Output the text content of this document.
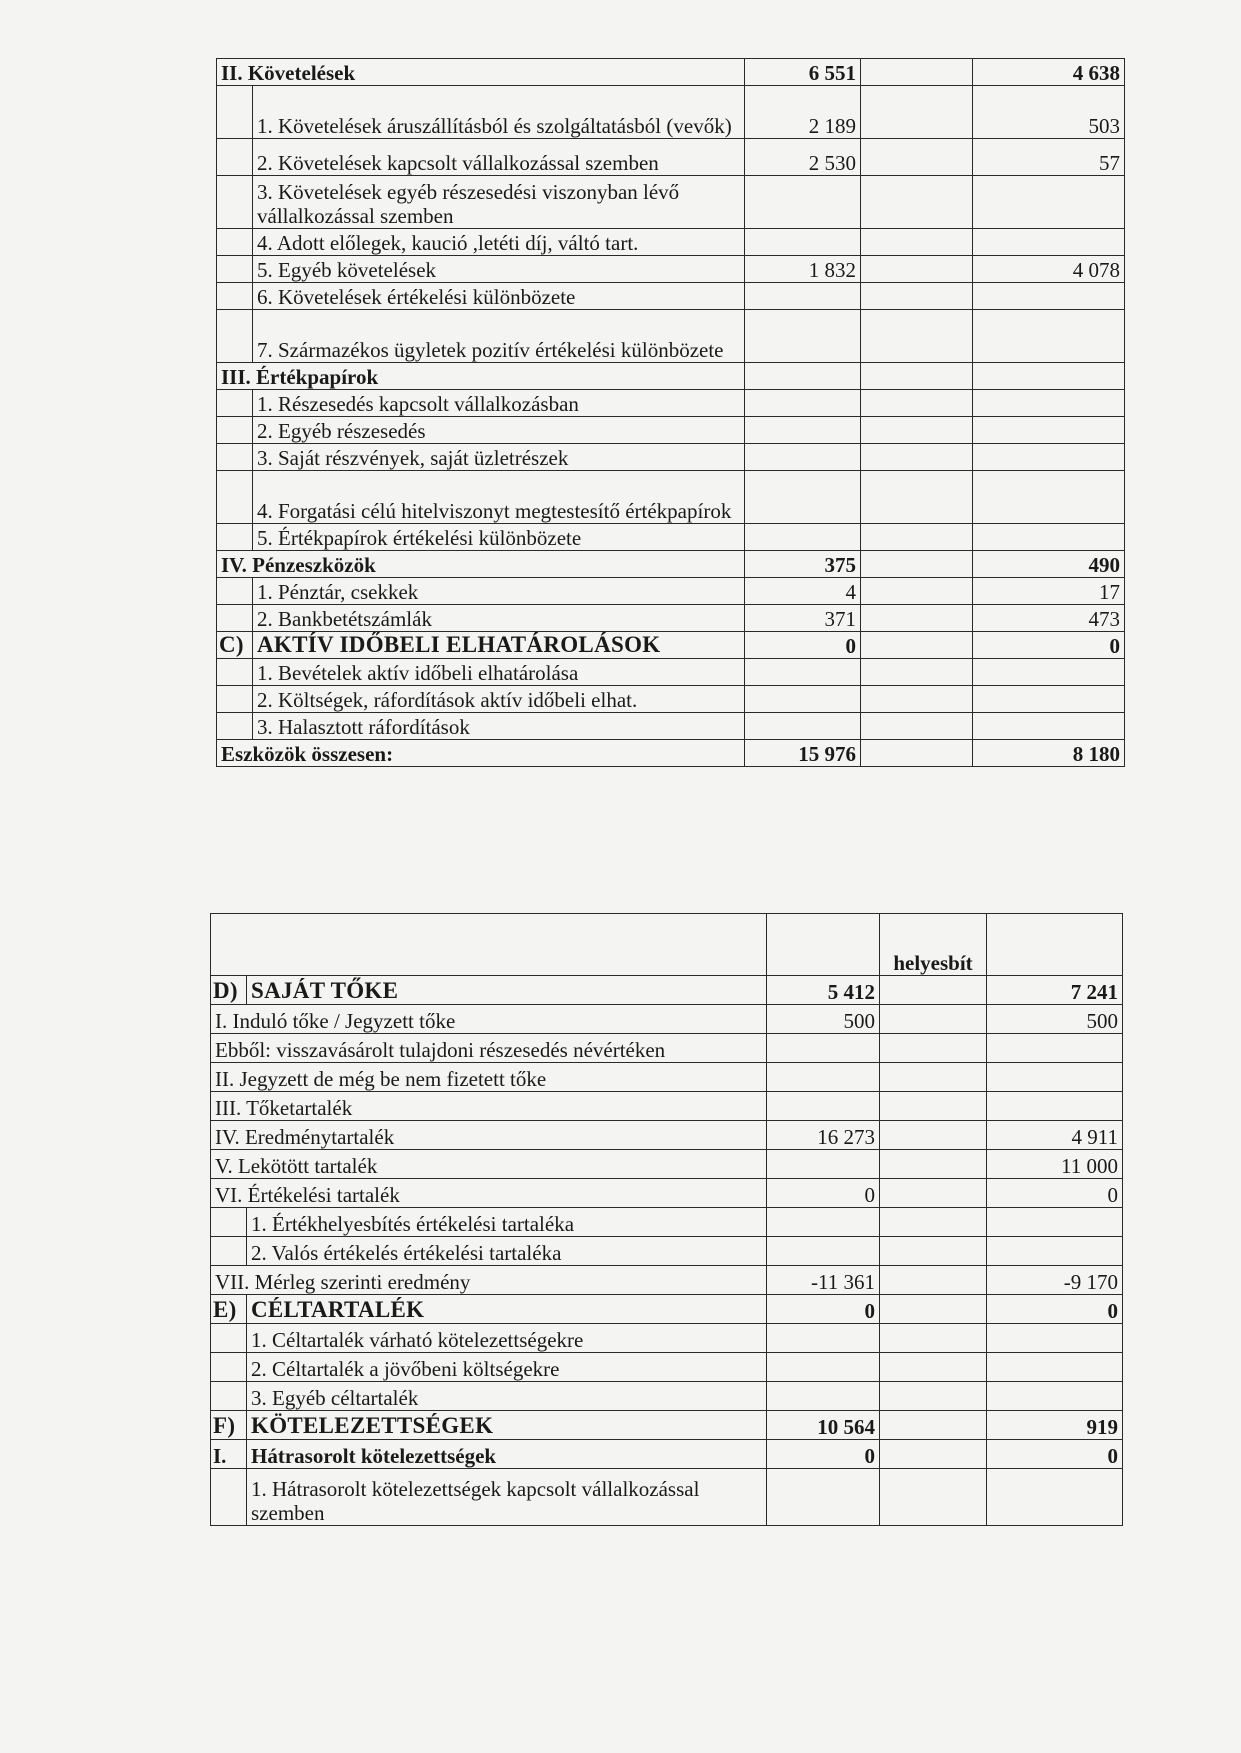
II. Követelések		6 551		4 638
	1. Követelések áruszállításból és szolgáltatásból (vevők)	2 189		503
	2. Követelések kapcsolt vállalkozással szemben	2 530		57
	3. Követelések egyéb részesedési viszonyban lévő vállalkozással szemben			
	4. Adott előlegek, kaució ,letéti díj, váltó tart.			
	5. Egyéb követelések	1 832		4 078
	6. Követelések értékelési különbözete			
	7. Származékos ügyletek pozitív értékelési különbözete			
III. Értékpapírok				
	1. Részesedés kapcsolt vállalkozásban			
	2. Egyéb részesedés			
	3. Saját részvények, saját üzletrészek			
	4. Forgatási célú hitelviszonyt megtestesítő értékpapírok			
	5. Értékpapírok értékelési különbözete			
IV. Pénzeszközök		375		490
	1. Pénztár, csekkek	4		17
	2. Bankbetétszámlák	371		473
C)	AKTÍV IDŐBELI ELHATÁROLÁSOK	0		0
	1. Bevételek aktív időbeli elhatárolása			
	2. Költségek, ráfordítások aktív időbeli elhat.			
	3. Halasztott ráfordítások			
Eszközök összesen:		15 976		8 180
			helyesbít	
D)	SAJÁT TŐKE	5 412		7 241
I. Induló tőke / Jegyzett tőke		500		500
Ebből: visszavásárolt tulajdoni részesedés névértéken				
II. Jegyzett de még be nem fizetett tőke				
III. Tőketartalék				
IV. Eredménytartalék		16 273		4 911
V. Lekötött tartalék				11 000
VI. Értékelési tartalék		0		0
	1. Értékhelyesbítés értékelési tartaléka			
	2. Valós értékelés értékelési tartaléka			
VII. Mérleg szerinti eredmény		-11 361		-9 170
E)	CÉLTARTALÉK	0		0
	1. Céltartalék várható kötelezettségekre			
	2. Céltartalék a jövőbeni költségekre			
	3. Egyéb céltartalék			
F)	KÖTELEZETTSÉGEK	10 564		919
I.	Hátrasorolt kötelezettségek	0		0
	1. Hátrasorolt kötelezettségek kapcsolt vállalkozással szemben			
